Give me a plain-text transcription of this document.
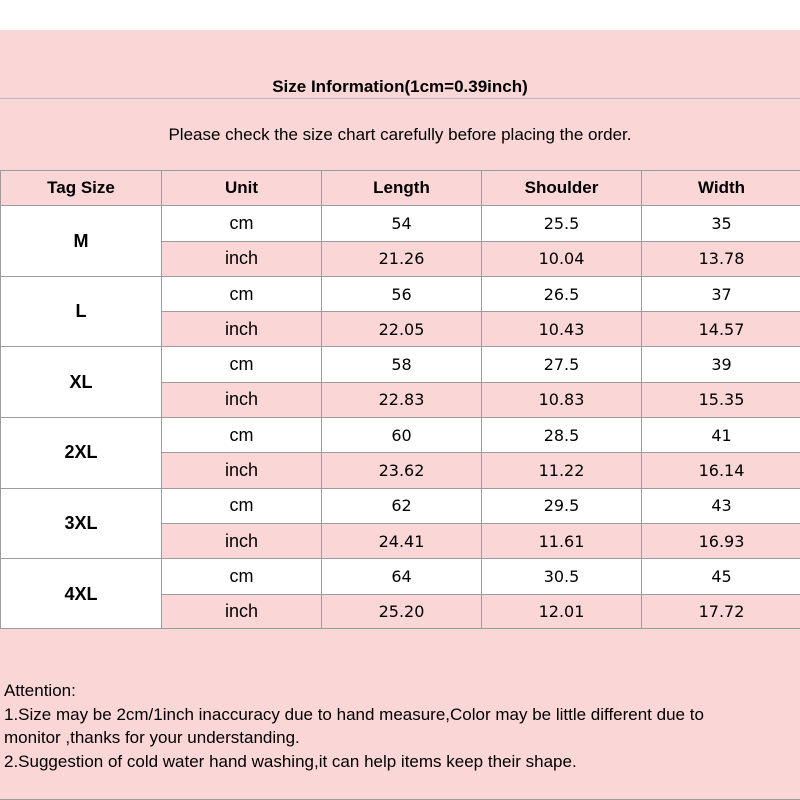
Size Information(1cm=0.39inch)
Please check the size chart carefully before placing the order.
Tag Size	Unit	Length	Shoulder	Width
M	cm	54	25.5	35
	inch	21.26	10.04	13.78
L	cm	56	26.5	37
	inch	22.05	10.43	14.57
XL	cm	58	27.5	39
	inch	22.83	10.83	15.35
2XL	cm	60	28.5	41
	inch	23.62	11.22	16.14
3XL	cm	62	29.5	43
	inch	24.41	11.61	16.93
4XL	cm	64	30.5	45
	inch	25.20	12.01	17.72

Attention:

1.Size may be 2cm/1inch inaccuracy due to hand measure,Color may be little different due to

monitor ,thanks for your understanding.

2.Suggestion of cold water hand washing,it can help items keep their shape.
